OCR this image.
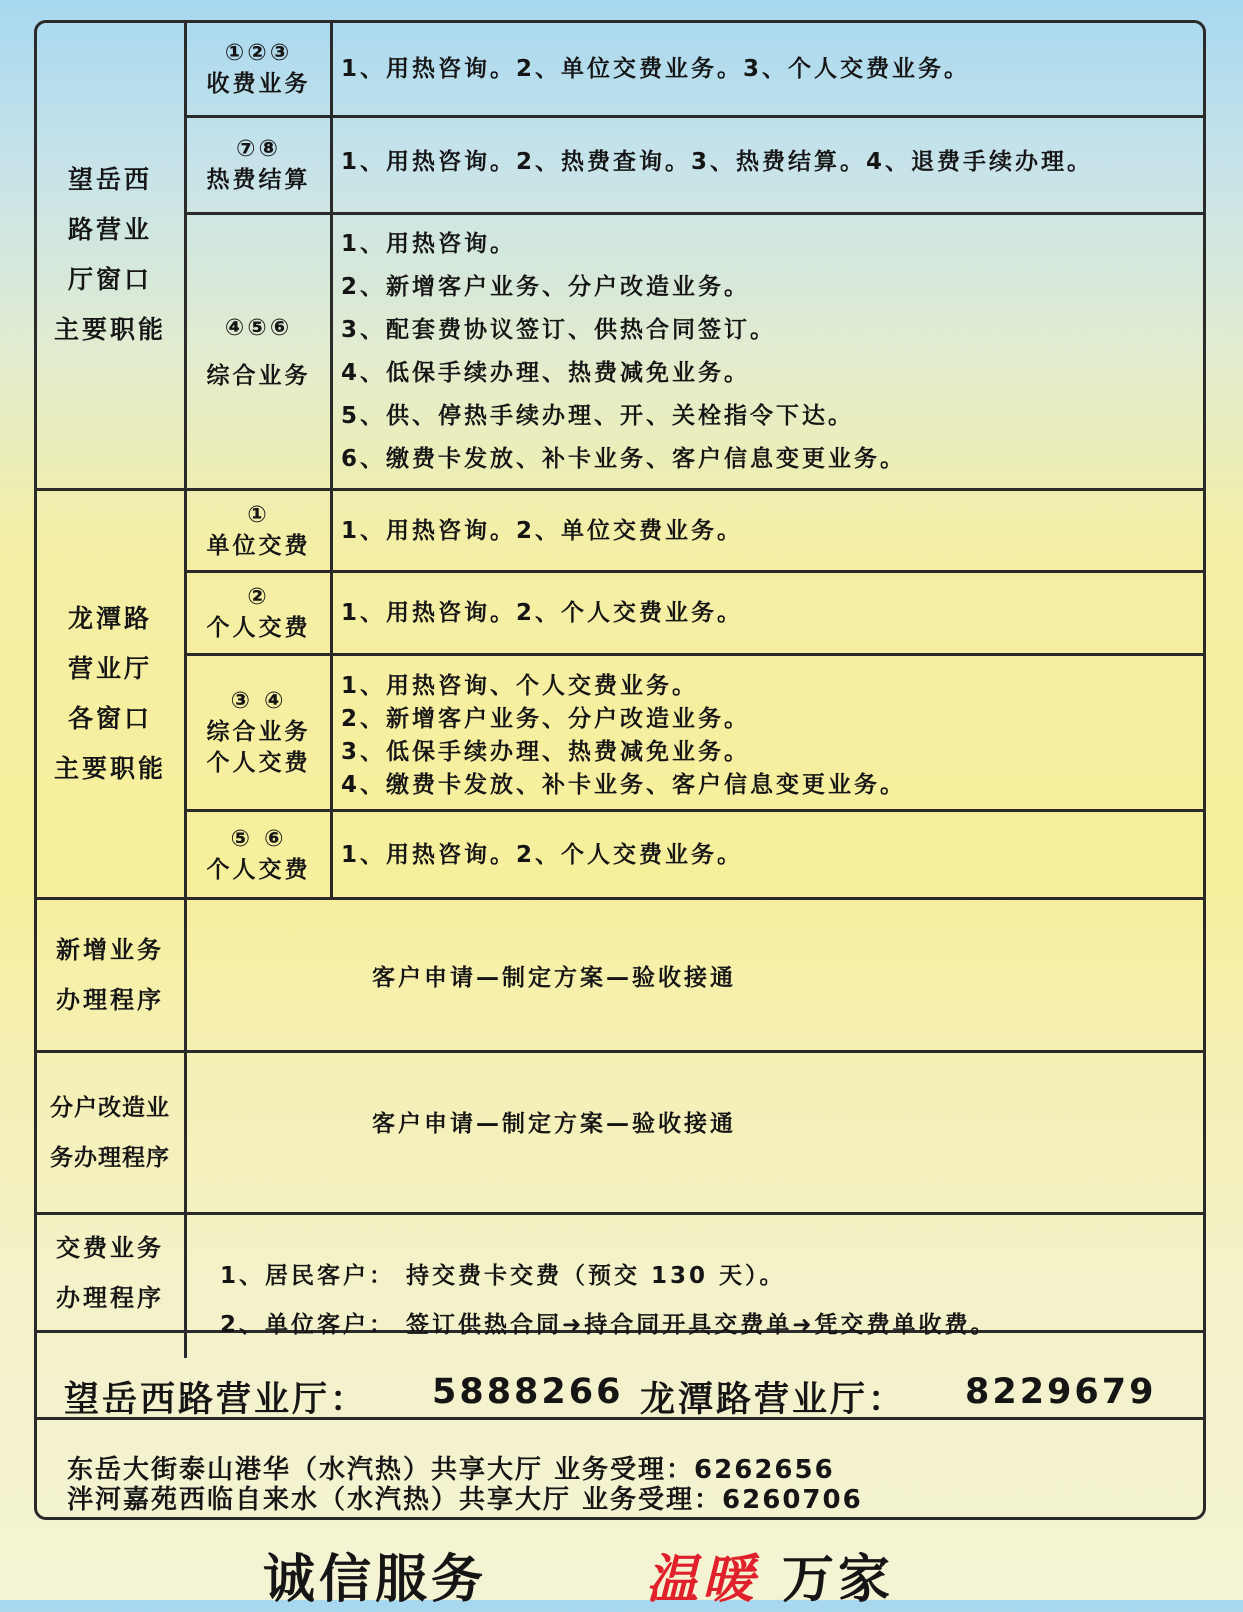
望岳西
路营业
厅窗口
主要职能
①②③
收费业务
1、用热咨询。2、单位交费业务。3、个人交费业务。
⑦⑧
热费结算
1、用热咨询。2、热费查询。3、热费结算。4、退费手续办理。
④⑤⑥
综合业务
1、用热咨询。
2、新增客户业务、分户改造业务。
3、配套费协议签订、供热合同签订。
4、低保手续办理、热费减免业务。
5、供、停热手续办理、开、关栓指令下达。
6、缴费卡发放、补卡业务、客户信息变更业务。
龙潭路
营业厅
各窗口
主要职能
①
单位交费
1、用热咨询。2、单位交费业务。
②
个人交费
1、用热咨询。2、个人交费业务。
③ ④
综合业务
个人交费
1、用热咨询、个人交费业务。
2、新增客户业务、分户改造业务。
3、低保手续办理、热费减免业务。
4、缴费卡发放、补卡业务、客户信息变更业务。
⑤ ⑥
个人交费
1、用热咨询。2、个人交费业务。
新增业务
办理程序
客户申请—制定方案—验收接通
分户改造业
务办理程序
客户申请—制定方案—验收接通
交费业务
办理程序
1、居民客户： 持交费卡交费（预交 130 天）。
2、单位客户： 签订供热合同➜持合同开具交费单➜凭交费单收费。
望岳西路营业厅： 5888266 龙潭路营业厅： 8229679
东岳大街泰山港华（水汽热）共享大厅 业务受理：6262656
泮河嘉苑西临自来水（水汽热）共享大厅 业务受理：6260706
诚信服务	温暖 万家
